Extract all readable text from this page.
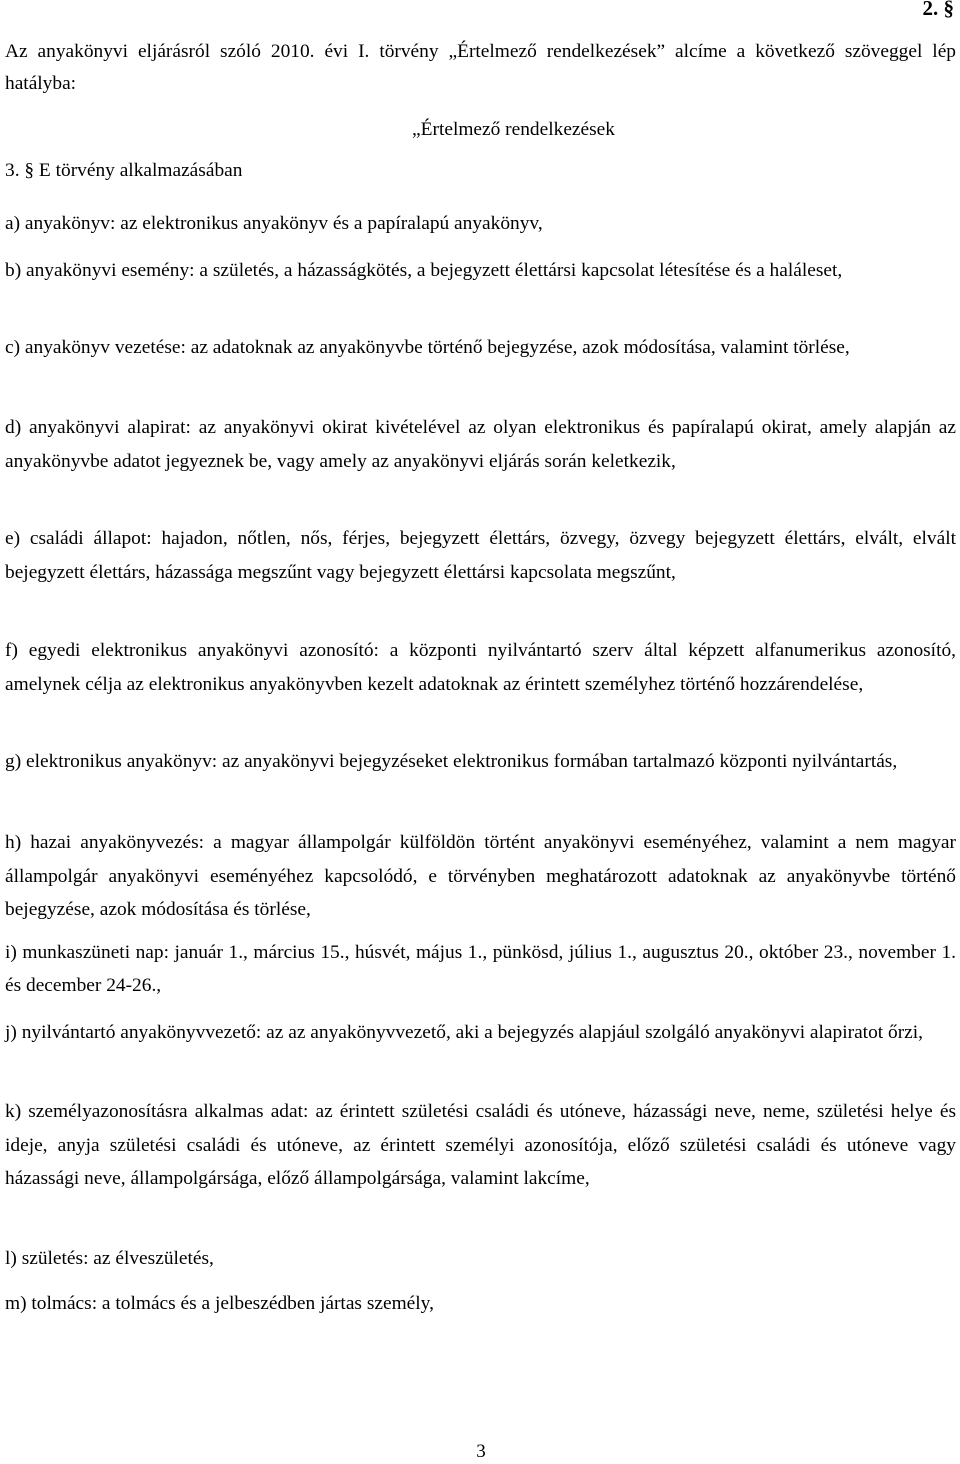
2. §
Az anyakönyvi eljárásról szóló 2010. évi I. törvény „Értelmező rendelkezések” alcíme a következő szöveggel lép hatályba:
„Értelmező rendelkezések
3. § E törvény alkalmazásában
a) anyakönyv: az elektronikus anyakönyv és a papíralapú anyakönyv,
b) anyakönyvi esemény: a születés, a házasságkötés, a bejegyzett élettársi kapcsolat létesítése és a haláleset,
c) anyakönyv vezetése: az adatoknak az anyakönyvbe történő bejegyzése, azok módosítása, valamint törlése,
d) anyakönyvi alapirat: az anyakönyvi okirat kivételével az olyan elektronikus és papíralapú okirat, amely alapján az anyakönyvbe adatot jegyeznek be, vagy amely az anyakönyvi eljárás során keletkezik,
e) családi állapot: hajadon, nőtlen, nős, férjes, bejegyzett élettárs, özvegy, özvegy bejegyzett élettárs, elvált, elvált bejegyzett élettárs, házassága megszűnt vagy bejegyzett élettársi kapcsolata megszűnt,
f) egyedi elektronikus anyakönyvi azonosító: a központi nyilvántartó szerv által képzett alfanumerikus azonosító, amelynek célja az elektronikus anyakönyvben kezelt adatoknak az érintett személyhez történő hozzárendelése,
g) elektronikus anyakönyv: az anyakönyvi bejegyzéseket elektronikus formában tartalmazó központi nyilvántartás,
h) hazai anyakönyvezés: a magyar állampolgár külföldön történt anyakönyvi eseményéhez, valamint a nem magyar állampolgár anyakönyvi eseményéhez kapcsolódó, e törvényben meghatározott adatoknak az anyakönyvbe történő bejegyzése, azok módosítása és törlése,
i) munkaszüneti nap: január 1., március 15., húsvét, május 1., pünkösd, július 1., augusztus 20., október 23., november 1. és december 24-26.,
j) nyilvántartó anyakönyvvezető: az az anyakönyvvezető, aki a bejegyzés alapjául szolgáló anyakönyvi alapiratot őrzi,
k) személyazonosításra alkalmas adat: az érintett születési családi és utóneve, házassági neve, neme, születési helye és ideje, anyja születési családi és utóneve, az érintett személyi azonosítója, előző születési családi és utóneve vagy házassági neve, állampolgársága, előző állampolgársága, valamint lakcíme,
l) születés: az élveszületés,
m) tolmács: a tolmács és a jelbeszédben jártas személy,
3
